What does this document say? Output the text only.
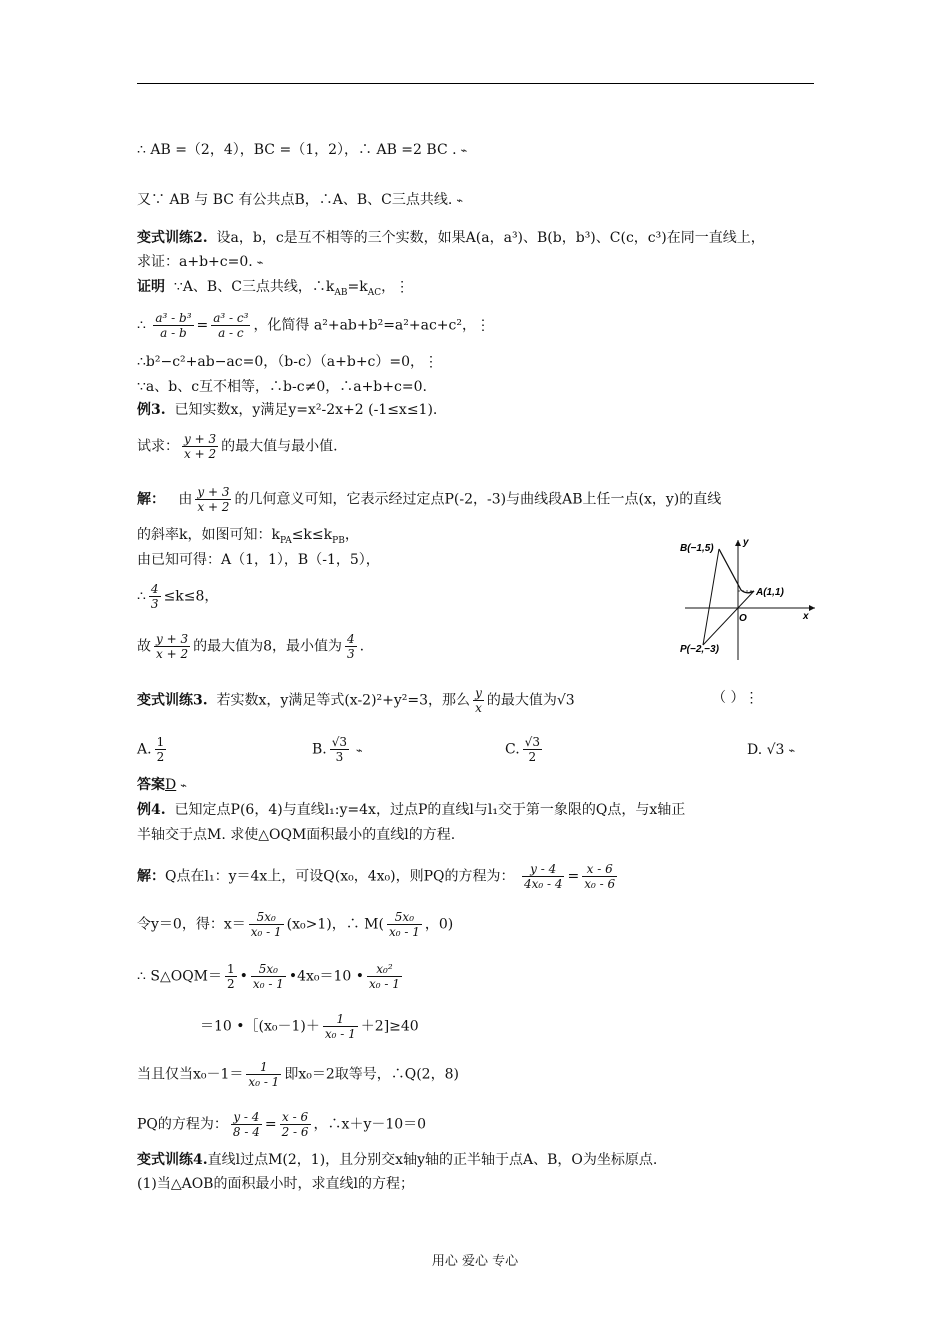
∴ AB =（2，4），BC =（1，2），∴ AB =2 BC . ⌁
又∵ AB 与 BC 有公共点B，∴A、B、C三点共线. ⌁
变式训练2. 设a，b，c是互不相等的三个实数，如果A(a，a³)、B(b，b³)、C(c，c³)在同一直线上，
求证：a+b+c=0. ⌁
证明 ∵A、B、C三点共线，$\therefore k_{AB}=k_{AC}$，⋮
∴ $\frac{\text{a³ - b³}}{a - b} = \frac{\text{a³ - c³}}{a - c}$ ，化简得 a²+ab+b²=a²+ac+c²，⋮
∴b²−c²+ab−ac=0，（b-c）（a+b+c）=0，⋮
∵a、b、c互不相等，∴b-c≠0，∴a+b+c=0.
例3. 已知实数x，y满足y=x²-2x+2 (-1≤x≤1).
试求： $\frac{y + 3}{x + 2}$ 的最大值与最小值.
解： 由 $\frac{y + 3}{x + 2}$ 的几何意义可知，它表示经过定点P(-2，-3)与曲线段AB上任一点(x，y)的直线
的斜率k，如图可知：$k_{PA}\le k\le k_{PB}$，
由已知可得：A（1，1），B（-1，5），
∴ $\frac{4}{3} \le k\le 8$，
故 $\frac{y + 3}{x + 2}$ 的最大值为8，最小值为 $\frac{4}{3}$ .
B(−1,5)
A(1,1)
P(−2,−3)
O	x
y
变式训练3. 若实数x，y满足等式(x-2)²+y²=3，那么 $\frac{y}{x}$ 的最大值为√3	（ ）⋮
A. $\frac{1}{2}$	B. $\frac{√3}{3}$ ⌁	C. $\frac{√3}{2}$	D. √3 ⌁
答案D ⌁
例4. 已知定点P(6，4)与直线l₁:y=4x，过点P的直线l与l₁交于第一象限的Q点，与x轴正
半轴交于点M. 求使△OQM面积最小的直线l的方程.
解：Q点在l₁：y＝4x上，可设Q(x₀，4x₀)，则PQ的方程为： $\frac{y - 4}{\text{4x₀ - 4}} = \frac{x - 6}{\text{x₀ - 6}}$
令y＝0，得：$x= \frac{\text{5x₀}}{\text{x₀ - 1}} (x_0>1)$，∴ $M( \frac{\text{5x₀}}{\text{x₀ - 1}}$ ，0)
∴ S△OQM＝ $\frac{1}{2}$ • $\frac{\text{5x₀}}{\text{x₀ - 1}}$ •4x₀＝10 • $\frac{\text{x₀²}}{\text{x₀ - 1}}$
＝10 •［(x₀－1)＋ $\frac{1}{\text{x₀ - 1}} +2]\ge 40$
当且仅当$x_0-1= \frac{1}{\text{x₀ - 1}}$ 即x₀＝2取等号，∴Q(2，8)
PQ的方程为： $\frac{y - 4}{8 - 4} = \frac{x - 6}{2 - 6}$ ，∴x＋y－10＝0
变式训练4.直线l过点M(2，1)，且分别交x轴y轴的正半轴于点A、B，O为坐标原点.
(1)当△AOB的面积最小时，求直线l的方程；
用心 爱心 专心
